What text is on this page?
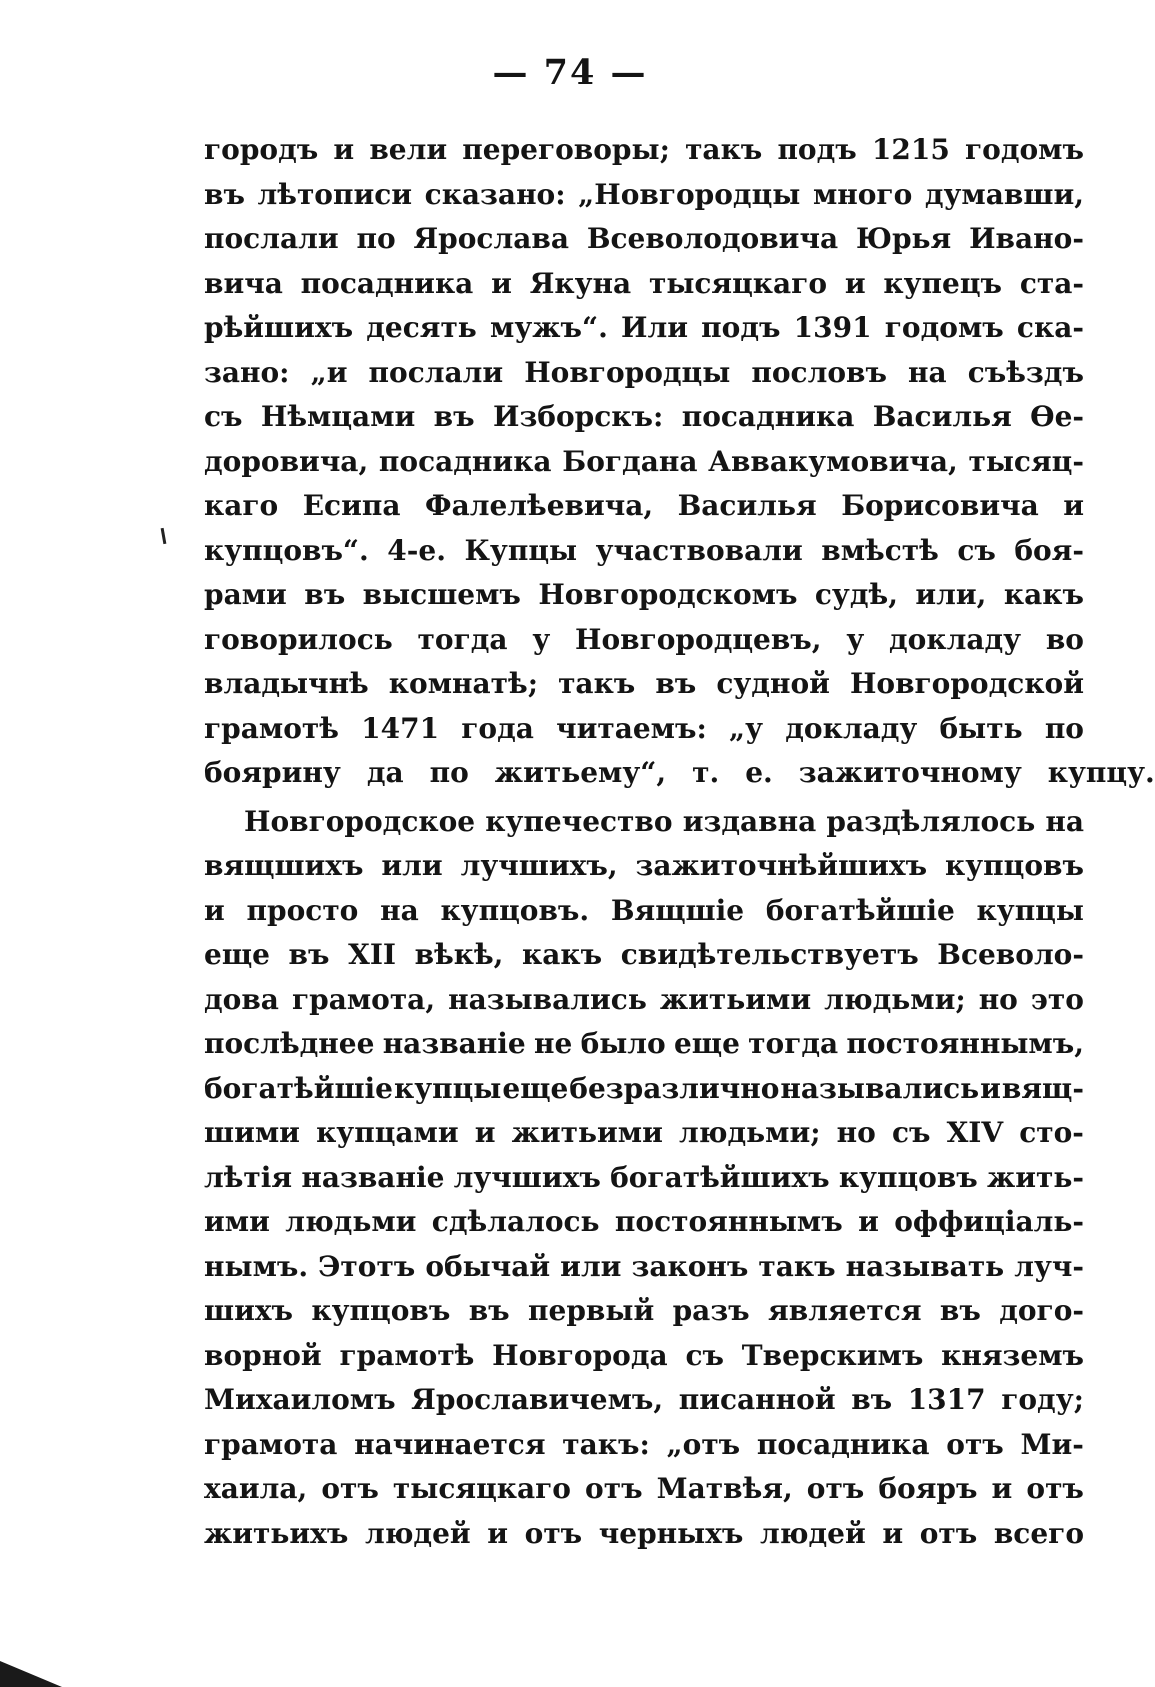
— 74 —
городъ и вели переговоры; такъ подъ 1215 годомъ
въ лѣтописи сказано: „Новгородцы много думавши,
послали по Ярослава Всеволодовича Юрья Ивано-
вича посадника и Якуна тысяцкаго и купецъ ста-
рѣйшихъ десять мужъ“. Или подъ 1391 годомъ ска-
зано: „и послали Новгородцы пословъ на съѣздъ
съ Нѣмцами въ Изборскъ: посадника Василья Ѳе-
доровича, посадника Богдана Аввакумовича, тысяц-
каго Есипа Фалелѣевича, Василья Борисовича и
купцовъ“. 4-е. Купцы участвовали вмѣстѣ съ боя-
рами въ высшемъ Новгородскомъ судѣ, или, какъ
говорилось тогда у Новгородцевъ, у докладу во
владычнѣ комнатѣ; такъ въ судной Новгородской
грамотѣ 1471 года читаемъ: „у докладу быть по
боярину да по житьему“, т. е. зажиточному купцу.
Новгородское купечество издавна раздѣлялось на
вящшихъ или лучшихъ, зажиточнѣйшихъ купцовъ
и просто на купцовъ. Вящшіе богатѣйшіе купцы
еще въ XII вѣкѣ, какъ свидѣтельствуетъ Всеволо-
дова грамота, назывались житьими людьми; но это
послѣднее названіе не было еще тогда постояннымъ,
богатѣйшіе купцы еще безразлично назывались и вящ-
шими купцами и житьими людьми; но съ XIV сто-
лѣтія названіе лучшихъ богатѣйшихъ купцовъ жить-
ими людьми сдѣлалось постояннымъ и оффиціаль-
нымъ. Этотъ обычай или законъ такъ называть луч-
шихъ купцовъ въ первый разъ является въ дого-
ворной грамотѣ Новгорода съ Тверскимъ княземъ
Михаиломъ Ярославичемъ, писанной въ 1317 году;
грамота начинается такъ: „отъ посадника отъ Ми-
хаила, отъ тысяцкаго отъ Матвѣя, отъ бояръ и отъ
житьихъ людей и отъ черныхъ людей и отъ всего
